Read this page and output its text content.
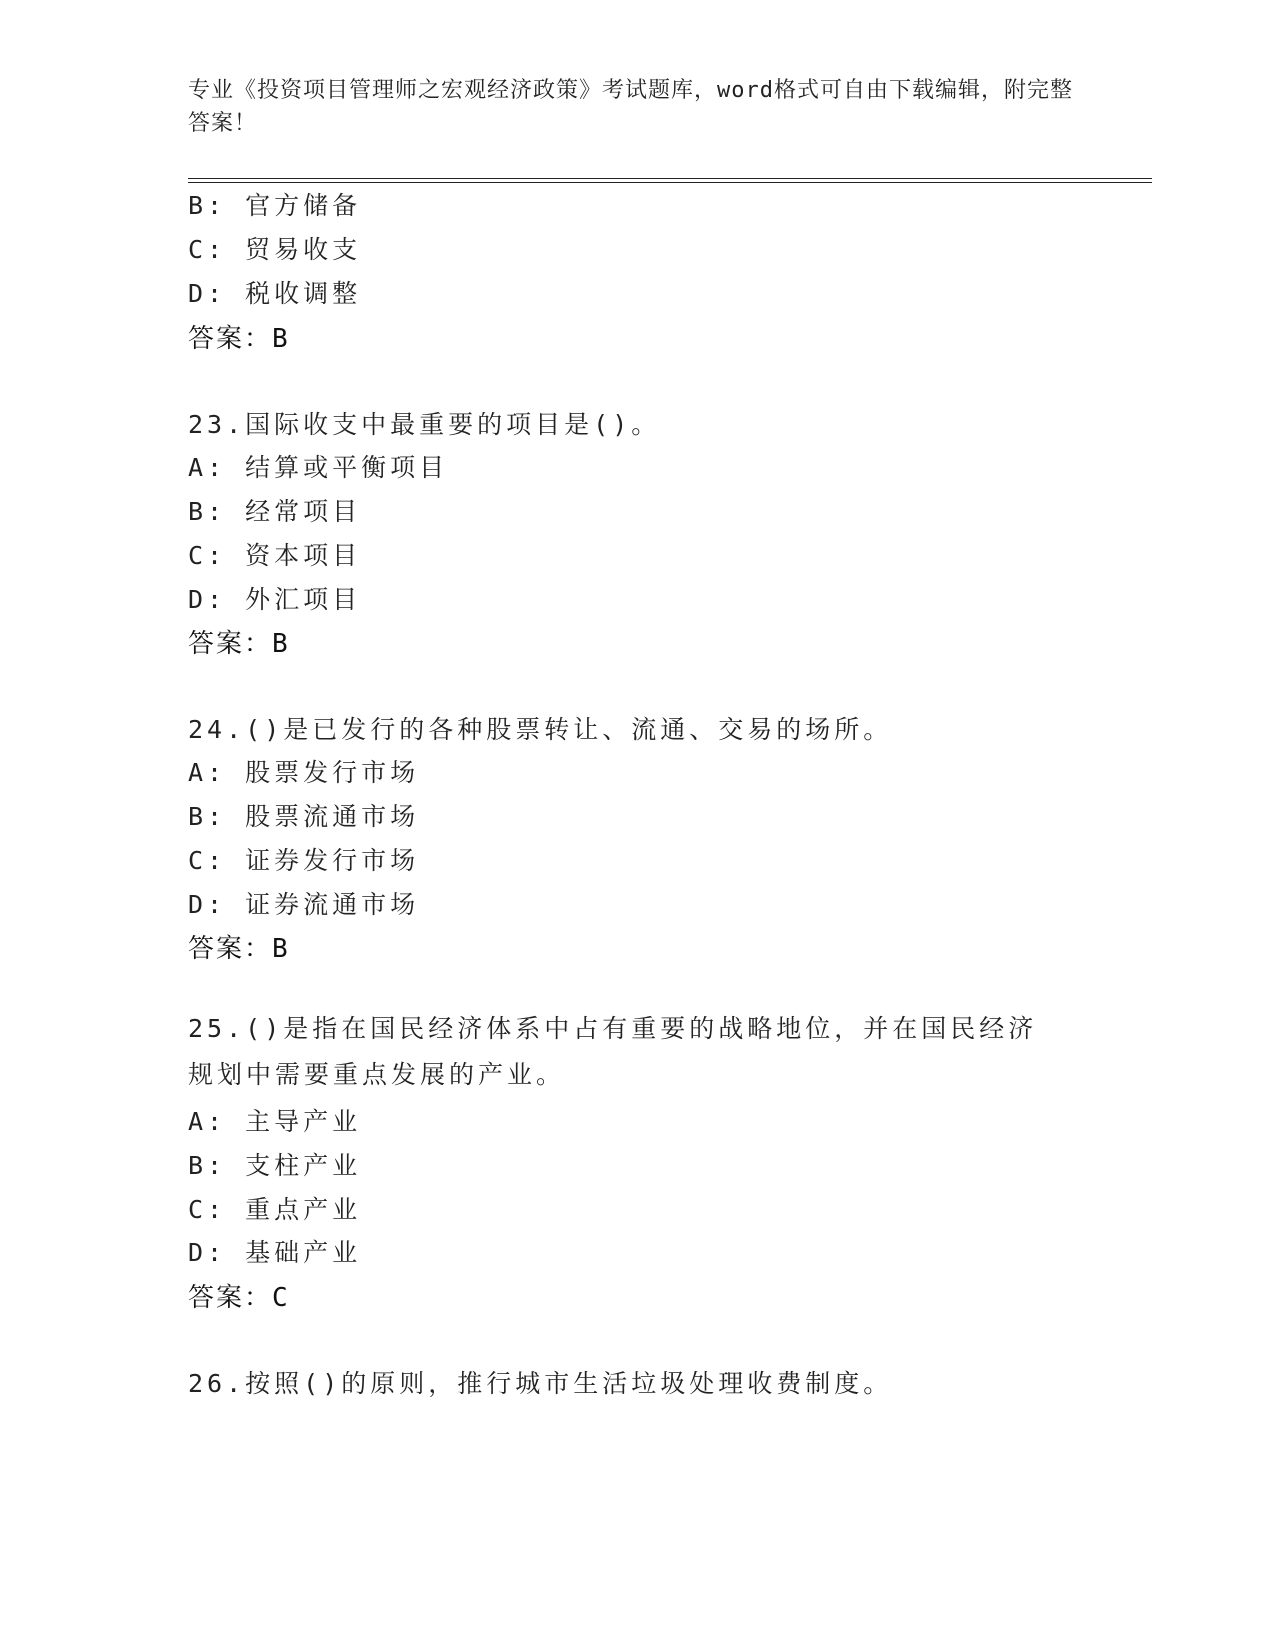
专业《投资项目管理师之宏观经济政策》考试题库，word格式可自由下载编辑，附完整答案！
B: 官方储备
C: 贸易收支
D: 税收调整
答案：B
23.国际收支中最重要的项目是()。
A: 结算或平衡项目
B: 经常项目
C: 资本项目
D: 外汇项目
答案：B
24.()是已发行的各种股票转让、流通、交易的场所。
A: 股票发行市场
B: 股票流通市场
C: 证券发行市场
D: 证券流通市场
答案：B
25.()是指在国民经济体系中占有重要的战略地位，并在国民经济规划中需要重点发展的产业。
A: 主导产业
B: 支柱产业
C: 重点产业
D: 基础产业
答案：C
26.按照()的原则，推行城市生活垃圾处理收费制度。
